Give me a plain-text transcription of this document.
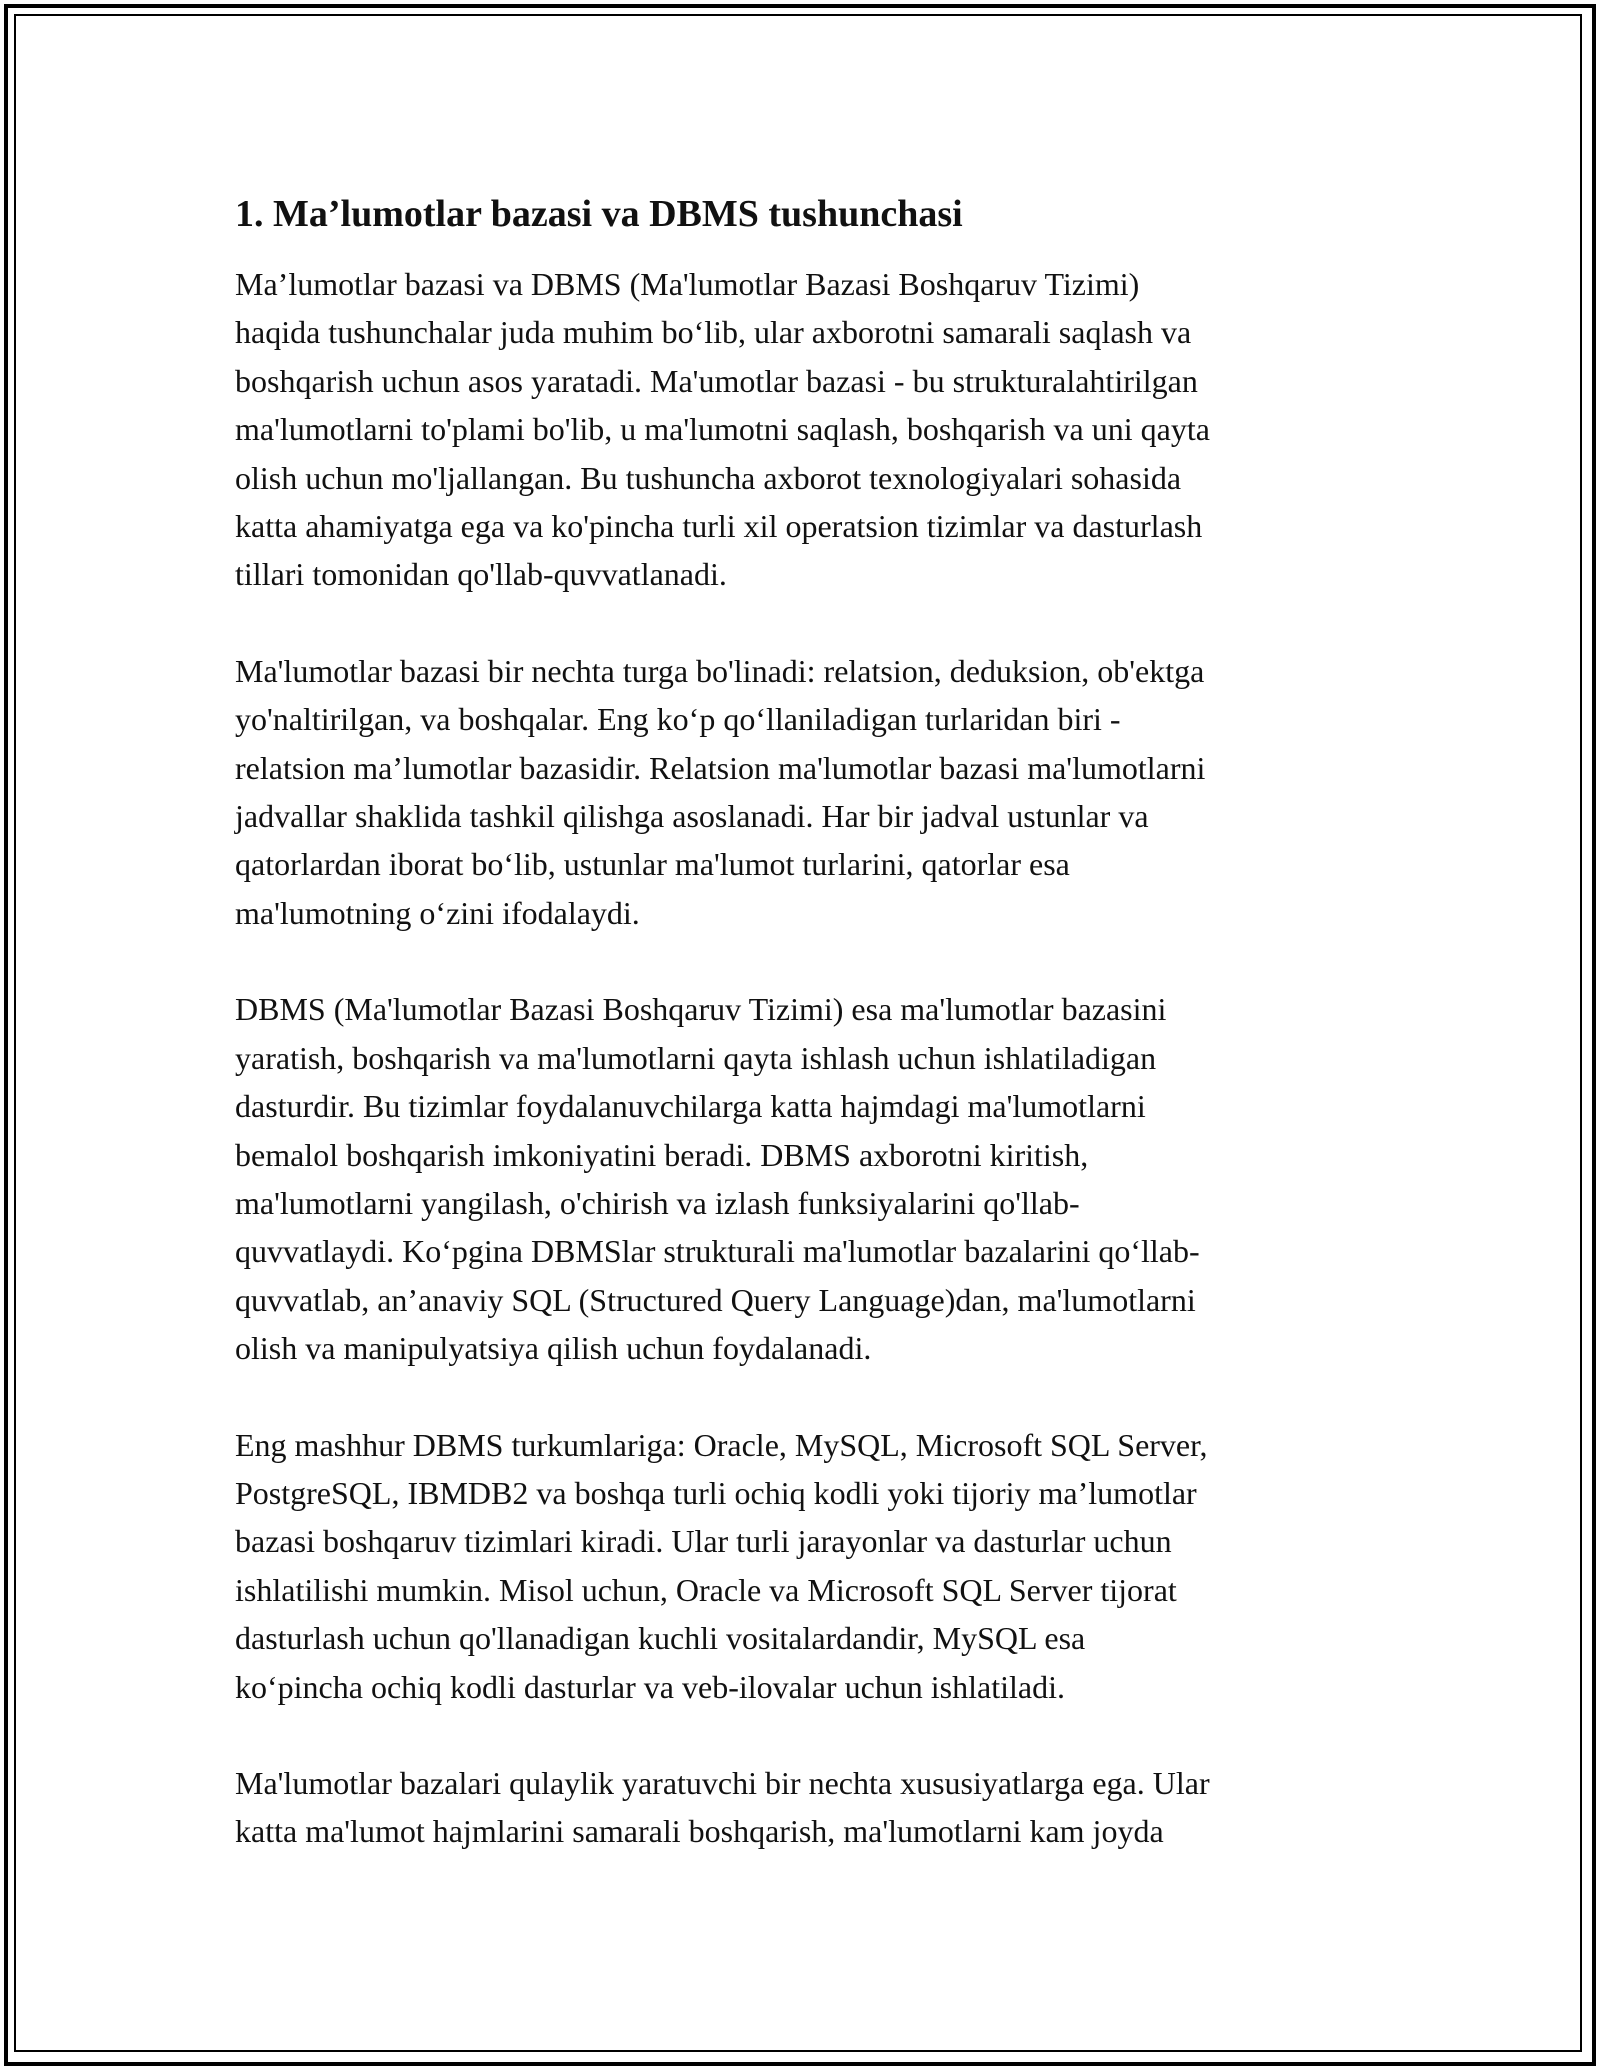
1. Ma’lumotlar bazasi va DBMS tushunchasi

Ma’lumotlar bazasi va DBMS (Ma'lumotlar Bazasi Boshqaruv Tizimi)
haqida tushunchalar juda muhim bo‘lib, ular axborotni samarali saqlash va
boshqarish uchun asos yaratadi. Ma'umotlar bazasi - bu strukturalahtirilgan
ma'lumotlarni to'plami bo'lib, u ma'lumotni saqlash, boshqarish va uni qayta
olish uchun mo'ljallangan. Bu tushuncha axborot texnologiyalari sohasida
katta ahamiyatga ega va ko'pincha turli xil operatsion tizimlar va dasturlash
tillari tomonidan qo'llab-quvvatlanadi.

Ma'lumotlar bazasi bir nechta turga bo'linadi: relatsion, deduksion, ob'ektga
yo'naltirilgan, va boshqalar. Eng ko‘p qo‘llaniladigan turlaridan biri -
relatsion ma’lumotlar bazasidir. Relatsion ma'lumotlar bazasi ma'lumotlarni
jadvallar shaklida tashkil qilishga asoslanadi. Har bir jadval ustunlar va
qatorlardan iborat bo‘lib, ustunlar ma'lumot turlarini, qatorlar esa
ma'lumotning o‘zini ifodalaydi.

DBMS (Ma'lumotlar Bazasi Boshqaruv Tizimi) esa ma'lumotlar bazasini
yaratish, boshqarish va ma'lumotlarni qayta ishlash uchun ishlatiladigan
dasturdir. Bu tizimlar foydalanuvchilarga katta hajmdagi ma'lumotlarni
bemalol boshqarish imkoniyatini beradi. DBMS axborotni kiritish,
ma'lumotlarni yangilash, o'chirish va izlash funksiyalarini qo'llab-
quvvatlaydi. Ko‘pgina DBMSlar strukturali ma'lumotlar bazalarini qo‘llab-
quvvatlab, an’anaviy SQL (Structured Query Language)dan, ma'lumotlarni
olish va manipulyatsiya qilish uchun foydalanadi.

Eng mashhur DBMS turkumlariga: Oracle, MySQL, Microsoft SQL Server,
PostgreSQL, IBMDB2 va boshqa turli ochiq kodli yoki tijoriy ma’lumotlar
bazasi boshqaruv tizimlari kiradi. Ular turli jarayonlar va dasturlar uchun
ishlatilishi mumkin. Misol uchun, Oracle va Microsoft SQL Server tijorat
dasturlash uchun qo'llanadigan kuchli vositalardandir, MySQL esa
ko‘pincha ochiq kodli dasturlar va veb-ilovalar uchun ishlatiladi.

Ma'lumotlar bazalari qulaylik yaratuvchi bir nechta xususiyatlarga ega. Ular
katta ma'lumot hajmlarini samarali boshqarish, ma'lumotlarni kam joyda
